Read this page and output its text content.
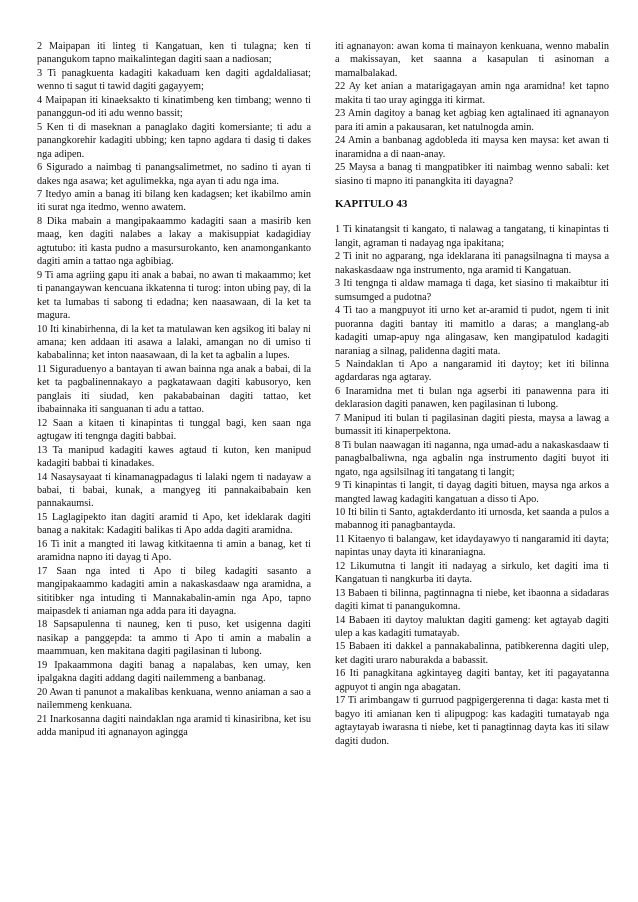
2 Maipapan iti linteg ti Kangatuan, ken ti tulagna; ken ti panangukom tapno maikalintegan dagiti saan a nadiosan;

3 Ti panagkuenta kadagiti kakaduam ken dagiti agdaldaliasat; wenno ti sagut ti tawid dagiti gagayyem;

4 Maipapan iti kinaeksakto ti kinatimbeng ken timbang; wenno ti pananggun-od iti adu wenno bassit;

5 Ken ti di maseknan a panaglako dagiti komersiante; ti adu a panangkorehir kadagiti ubbing; ken tapno agdara ti dasig ti dakes nga adipen.

6 Sigurado a naimbag ti panangsalimetmet, no sadino ti ayan ti dakes nga asawa; ket agulimekka, nga ayan ti adu nga ima.

7 Itedyo amin a banag iti bilang ken kadagsen; ket ikabilmo amin iti surat nga itedmo, wenno awatem.

8 Dika mabain a mangipakaammo kadagiti saan a masirib ken maag, ken dagiti nalabes a lakay a makisuppiat kadagidiay agtutubo: iti kasta pudno a masursurokanto, ken anamongankanto dagiti amin a tattao nga agbibiag.

9 Ti ama agriing gapu iti anak a babai, no awan ti makaammo; ket ti panangaywan kencuana ikkatenna ti turog: inton ubing pay, di la ket ta lumabas ti sabong ti edadna; ken naasawaan, di la ket ta magura.

10 Iti kinabirhenna, di la ket ta matulawan ken agsikog iti balay ni amana; ken addaan iti asawa a lalaki, amangan no di umiso ti kababalinna; ket inton naasawaan, di la ket ta agbalin a lupes.

11 Siguraduenyo a bantayan ti awan bainna nga anak a babai, di la ket ta pagbalinennakayo a pagkatawaan dagiti kabusoryo, ken panglais iti siudad, ken pakababainan dagiti tattao, ket ibabainnaka iti sanguanan ti adu a tattao.

12 Saan a kitaen ti kinapintas ti tunggal bagi, ken saan nga agtugaw iti tengnga dagiti babbai.

13 Ta manipud kadagiti kawes agtaud ti kuton, ken manipud kadagiti babbai ti kinadakes.

14 Nasaysayaat ti kinamanagpadagus ti lalaki ngem ti nadayaw a babai, ti babai, kunak, a mangyeg iti pannakaibabain ken pannakaumsi.

15 Laglagipekto itan dagiti aramid ti Apo, ket ideklarak dagiti banag a nakitak: Kadagiti balikas ti Apo adda dagiti aramidna.

16 Ti init a mangted iti lawag kitkitaenna ti amin a banag, ket ti aramidna napno iti dayag ti Apo.

17 Saan nga inted ti Apo ti bileg kadagiti sasanto a mangipakaammo kadagiti amin a nakaskasdaaw nga aramidna, a sititibker nga intuding ti Mannakabalin-amin nga Apo, tapno maipasdek ti aniaman nga adda para iti dayagna.

18 Sapsapulenna ti nauneg, ken ti puso, ket usigenna dagiti nasikap a panggepda: ta ammo ti Apo ti amin a mabalin a maammuan, ken makitana dagiti pagilasinan ti lubong.

19 Ipakaammona dagiti banag a napalabas, ken umay, ken ipalgakna dagiti addang dagiti nailemmeng a banbanag.

20 Awan ti panunot a makalibas kenkuana, wenno aniaman a sao a nailemmeng kenkuana.

21 Inarkosanna dagiti naindaklan nga aramid ti kinasiribna, ket isu adda manipud iti agnanayon agingga

iti agnanayon: awan koma ti mainayon kenkuana, wenno mabalin a makissayan, ket saanna a kasapulan ti asinoman a mamalbalakad.

22 Ay ket anian a matarigagayan amin nga aramidna! ket tapno makita ti tao uray agingga iti kirmat.

23 Amin dagitoy a banag ket agbiag ken agtalinaed iti agnanayon para iti amin a pakausaran, ket natulnogda amin.

24 Amin a banbanag agdobleda iti maysa ken maysa: ket awan ti inaramidna a di naan-anay.

25 Maysa a banag ti mangpatibker iti naimbag wenno sabali: ket siasino ti mapno iti panangkita iti dayagna?

KAPITULO 43

1 Ti kinatangsit ti kangato, ti nalawag a tangatang, ti kinapintas ti langit, agraman ti nadayag nga ipakitana;

2 Ti init no agparang, nga ideklarana iti panagsilnagna ti maysa a nakaskasdaaw nga instrumento, nga aramid ti Kangatuan.

3 Iti tengnga ti aldaw mamaga ti daga, ket siasino ti makaibtur iti sumsumged a pudotna?

4 Ti tao a mangpuyot iti urno ket ar-aramid ti pudot, ngem ti init puoranna dagiti bantay iti mamitlo a daras; a manglang-ab kadagiti umap-apuy nga alingasaw, ken mangipatulod kadagiti naraniag a silnag, palidenna dagiti mata.

5 Naindaklan ti Apo a nangaramid iti daytoy; ket iti bilinna agdardaras nga agtaray.

6 Inaramidna met ti bulan nga agserbi iti panawenna para iti deklarasion dagiti panawen, ken pagilasinan ti lubong.

7 Manipud iti bulan ti pagilasinan dagiti piesta, maysa a lawag a bumassit iti kinaperpektona.

8 Ti bulan naawagan iti naganna, nga umad-adu a nakaskasdaaw ti panagbalbaliwna, nga agbalin nga instrumento dagiti buyot iti ngato, nga agsilsilnag iti tangatang ti langit;

9 Ti kinapintas ti langit, ti dayag dagiti bituen, maysa nga arkos a mangted lawag kadagiti kangatuan a disso ti Apo.

10 Iti bilin ti Santo, agtakderdanto iti urnosda, ket saanda a pulos a mabannog iti panagbantayda.

11 Kitaenyo ti balangaw, ket idaydayawyo ti nangaramid iti dayta; napintas unay dayta iti kinaraniagna.

12 Likumutna ti langit iti nadayag a sirkulo, ket dagiti ima ti Kangatuan ti nangkurba iti dayta.

13 Babaen ti bilinna, pagtinnagna ti niebe, ket ibaonna a sidadaras dagiti kimat ti panangukomna.

14 Babaen iti daytoy maluktan dagiti gameng: ket agtayab dagiti ulep a kas kadagiti tumatayab.

15 Babaen iti dakkel a pannakabalinna, patibkerenna dagiti ulep, ket dagiti uraro naburakda a babassit.

16 Iti panagkitana agkintayeg dagiti bantay, ket iti pagayatanna agpuyot ti angin nga abagatan.

17 Ti arimbangaw ti gurruod pagpigergerenna ti daga: kasta met ti bagyo iti amianan ken ti alipugpog: kas kadagiti tumatayab nga agtaytayab iwarasna ti niebe, ket ti panagtinnag dayta kas iti silaw dagiti dudon.
